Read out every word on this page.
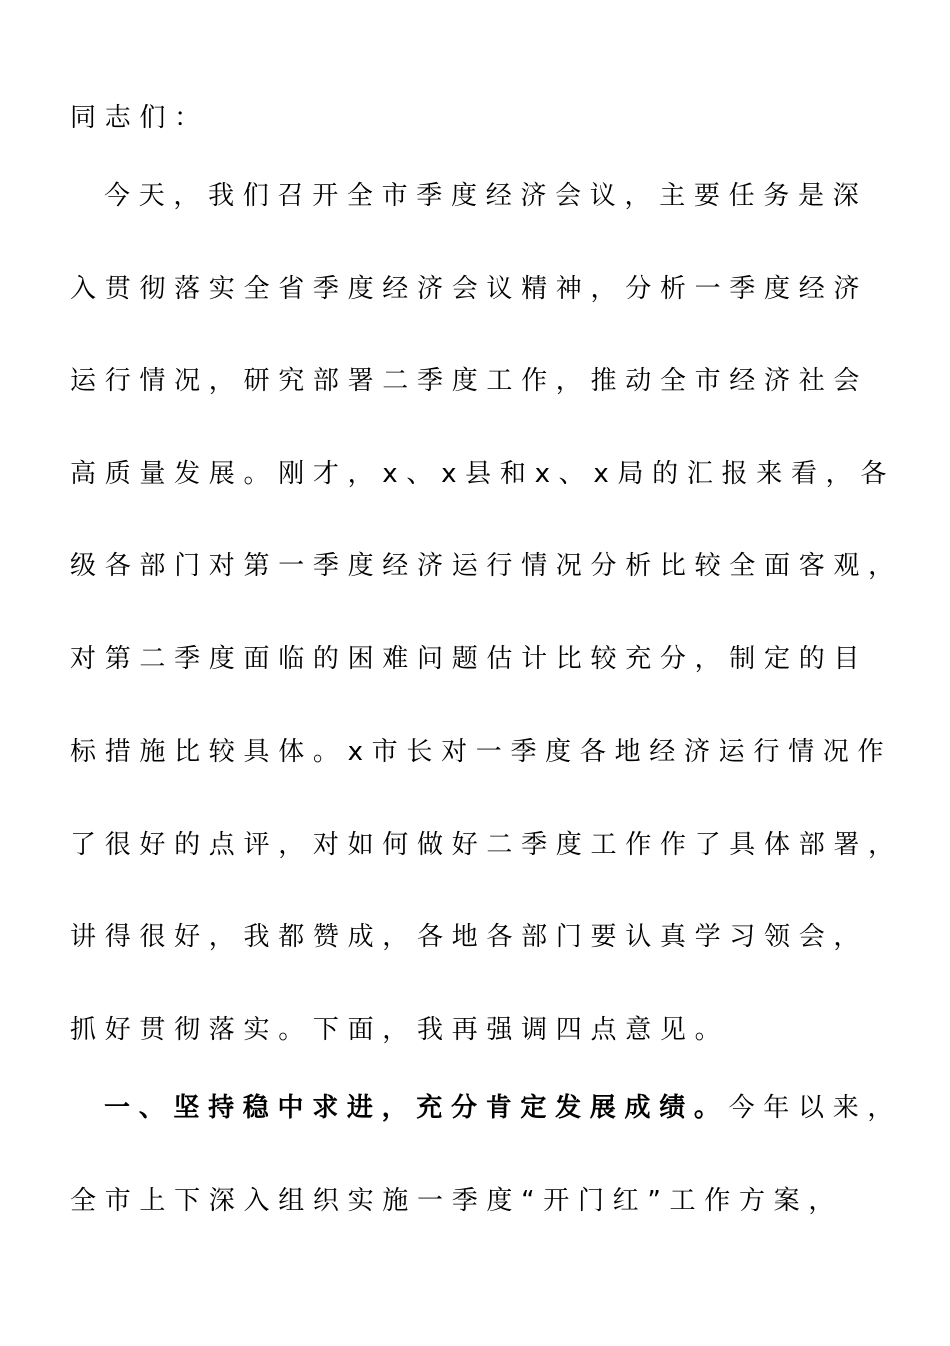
同志们：
今天，我们召开全市季度经济会议，主要任务是深
入贯彻落实全省季度经济会议精神，分析一季度经济
运行情况，研究部署二季度工作，推动全市经济社会
高质量发展。刚才，x、x县和x、x局的汇报来看，各
级各部门对第一季度经济运行情况分析比较全面客观，
对第二季度面临的困难问题估计比较充分，制定的目
标措施比较具体。x市长对一季度各地经济运行情况作
了很好的点评，对如何做好二季度工作作了具体部署，
讲得很好，我都赞成，各地各部门要认真学习领会，
抓好贯彻落实。下面，我再强调四点意见。
一、坚持稳中求进，充分肯定发展成绩。今年以来，
全市上下深入组织实施一季度“开门红”工作方案，
